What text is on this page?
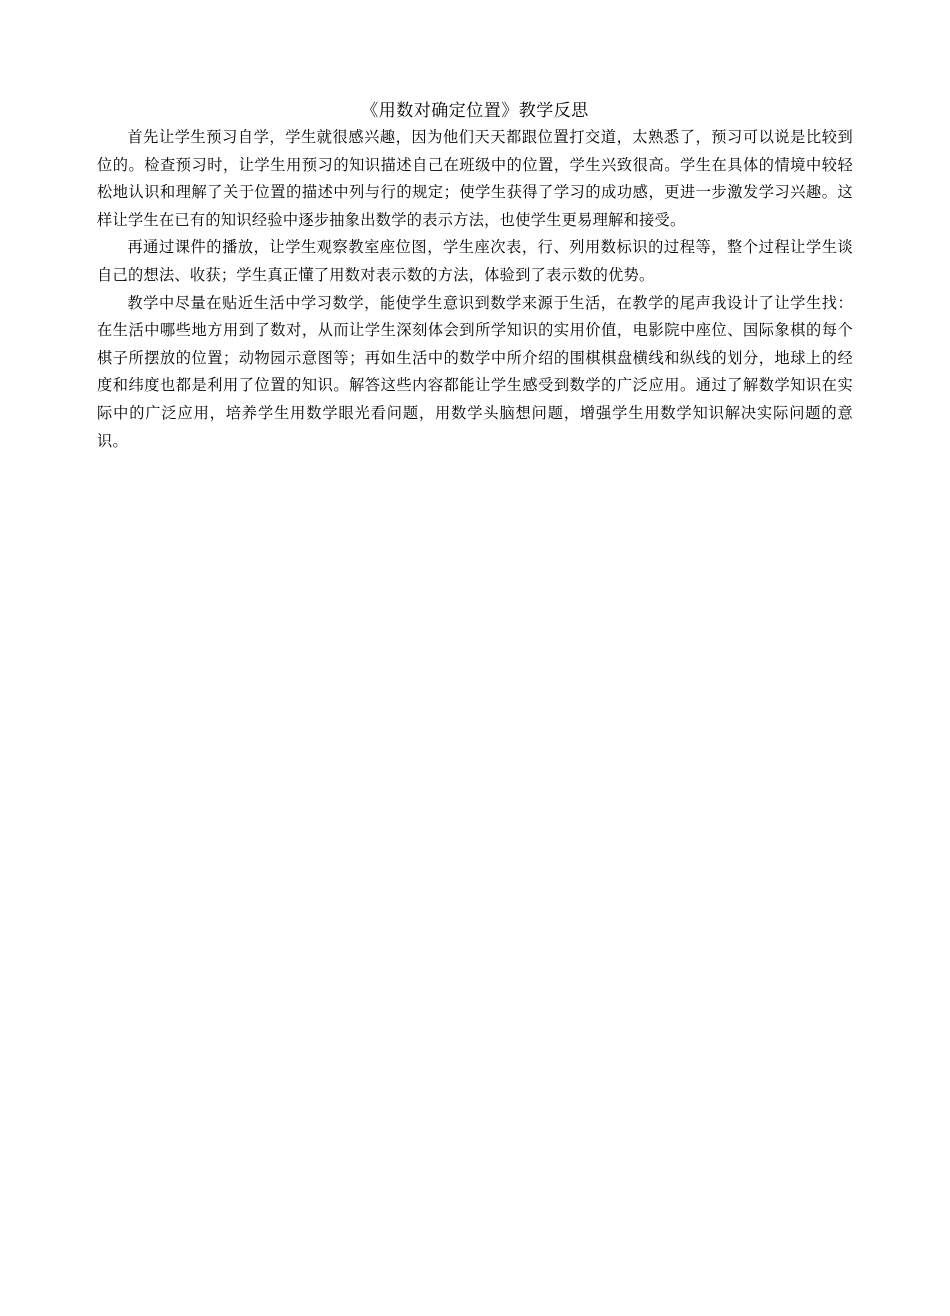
《用数对确定位置》教学反思

首先让学生预习自学，学生就很感兴趣，因为他们天天都跟位置打交道，太熟悉了，预习可以说是比较到位的。检查预习时，让学生用预习的知识描述自己在班级中的位置，学生兴致很高。学生在具体的情境中较轻松地认识和理解了关于位置的描述中列与行的规定；使学生获得了学习的成功感，更进一步激发学习兴趣。这样让学生在已有的知识经验中逐步抽象出数学的表示方法，也使学生更易理解和接受。

再通过课件的播放，让学生观察教室座位图，学生座次表，行、列用数标识的过程等，整个过程让学生谈自己的想法、收获；学生真正懂了用数对表示数的方法，体验到了表示数的优势。

教学中尽量在贴近生活中学习数学，能使学生意识到数学来源于生活，在教学的尾声我设计了让学生找：在生活中哪些地方用到了数对，从而让学生深刻体会到所学知识的实用价值，电影院中座位、国际象棋的每个棋子所摆放的位置；动物园示意图等；再如生活中的数学中所介绍的围棋棋盘横线和纵线的划分，地球上的经度和纬度也都是利用了位置的知识。解答这些内容都能让学生感受到数学的广泛应用。通过了解数学知识在实际中的广泛应用，培养学生用数学眼光看问题，用数学头脑想问题，增强学生用数学知识解决实际问题的意识。
